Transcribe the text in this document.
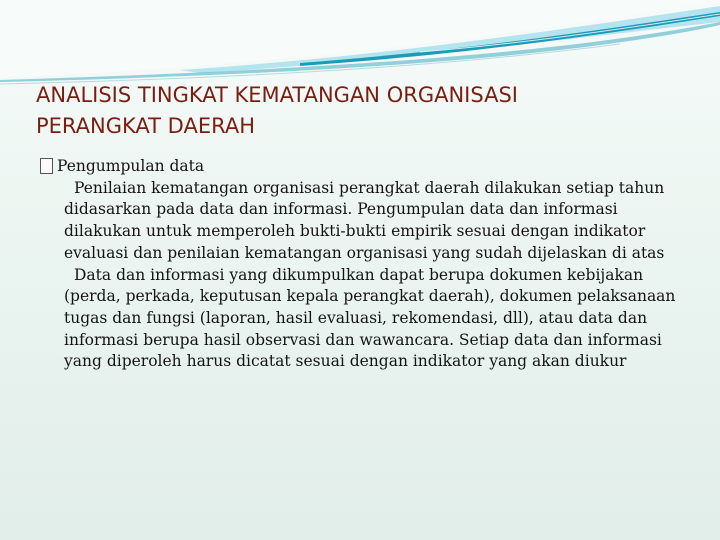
ANALISIS TINGKAT KEMATANGAN ORGANISASI
PERANGKAT DAERAH
Pengumpulan data

Penilaian kematangan organisasi perangkat daerah dilakukan setiap tahun didasarkan pada data dan informasi. Pengumpulan data dan informasi dilakukan untuk memperoleh bukti-bukti empirik sesuai dengan indikator evaluasi dan penilaian kematangan organisasi yang sudah dijelaskan di atas

Data dan informasi yang dikumpulkan dapat berupa dokumen kebijakan (perda, perkada, keputusan kepala perangkat daerah), dokumen pelaksanaan tugas dan fungsi (laporan, hasil evaluasi, rekomendasi, dll), atau data dan informasi berupa hasil observasi dan wawancara. Setiap data dan informasi yang diperoleh harus dicatat sesuai dengan indikator yang akan diukur
